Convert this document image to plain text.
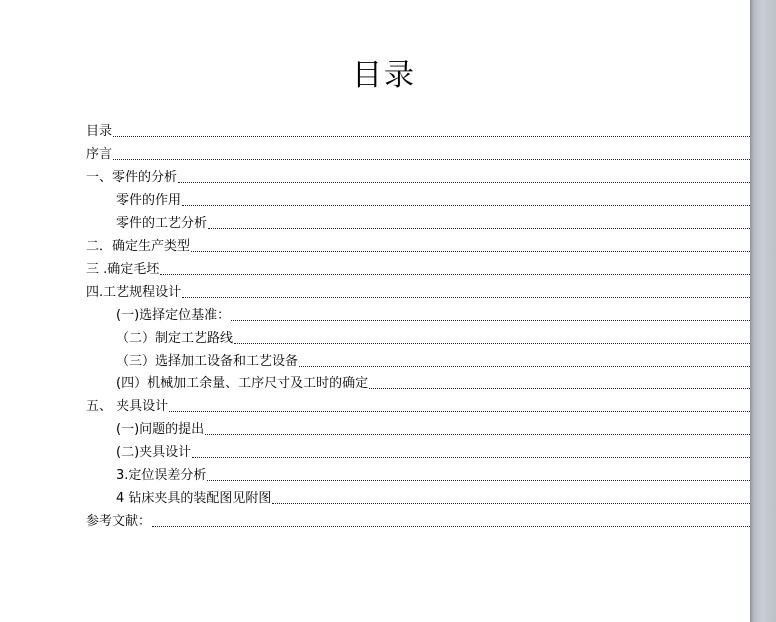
目录
目录
序言
一、零件的分析
零件的作用
零件的工艺分析
二．确定生产类型
三 .确定毛坯
四.工艺规程设计
(一)选择定位基准：
（二）制定工艺路线
（三）选择加工设备和工艺设备
(四）机械加工余量、工序尺寸及工时的确定
五、 夹具设计
(一)问题的提出
(二)夹具设计
3.定位误差分析
4 钻床夹具的装配图见附图
参考文献：
